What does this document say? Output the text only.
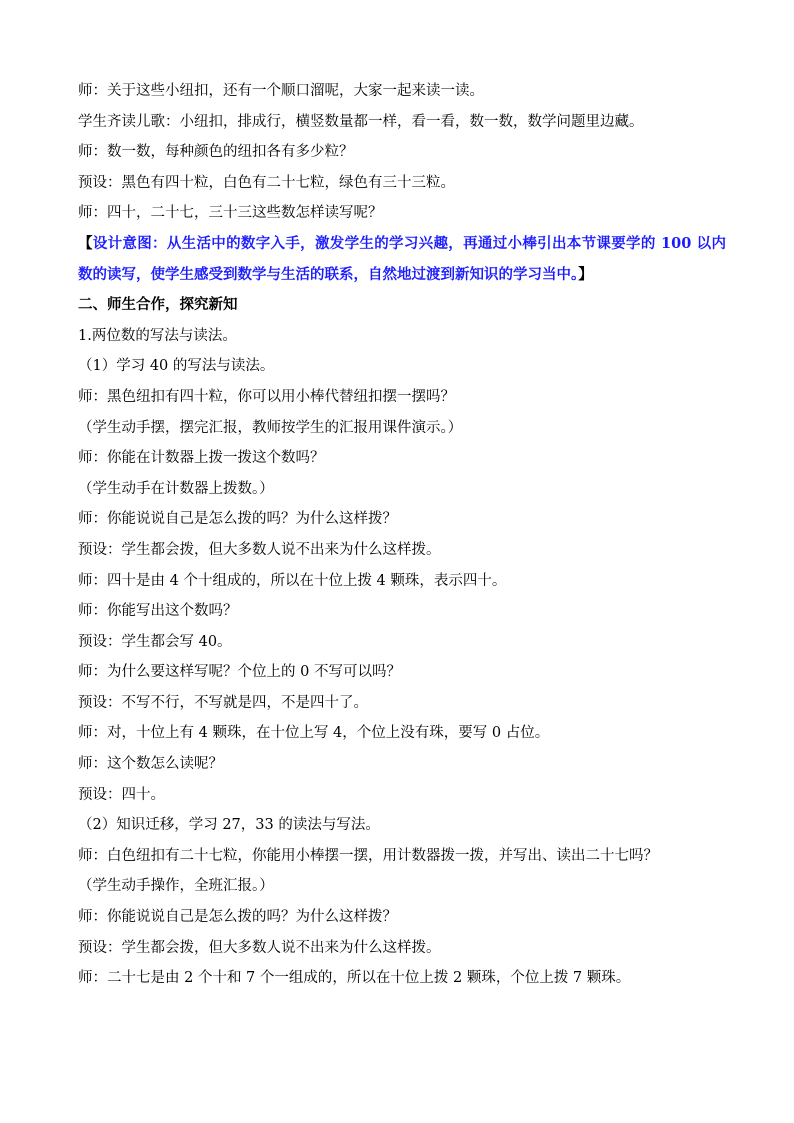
师：关于这些小纽扣，还有一个顺口溜呢，大家一起来读一读。
学生齐读儿歌：小纽扣，排成行，横竖数量都一样，看一看，数一数，数学问题里边藏。
师：数一数，每种颜色的纽扣各有多少粒？
预设：黑色有四十粒，白色有二十七粒，绿色有三十三粒。
师：四十，二十七，三十三这些数怎样读写呢？
【设计意图：从生活中的数字入手，激发学生的学习兴趣，再通过小棒引出本节课要学的 100 以内数的读写，使学生感受到数学与生活的联系，自然地过渡到新知识的学习当中。】
二、师生合作，探究新知
1.两位数的写法与读法。
（1）学习 40 的写法与读法。
师：黑色纽扣有四十粒，你可以用小棒代替纽扣摆一摆吗？
（学生动手摆，摆完汇报，教师按学生的汇报用课件演示。）
师：你能在计数器上拨一拨这个数吗？
（学生动手在计数器上拨数。）
师：你能说说自己是怎么拨的吗？为什么这样拨？
预设：学生都会拨，但大多数人说不出来为什么这样拨。
师：四十是由 4 个十组成的，所以在十位上拨 4 颗珠，表示四十。
师：你能写出这个数吗？
预设：学生都会写 40。
师：为什么要这样写呢？个位上的 0 不写可以吗？
预设：不写不行，不写就是四，不是四十了。
师：对，十位上有 4 颗珠，在十位上写 4，个位上没有珠，要写 0 占位。
师：这个数怎么读呢？
预设：四十。
（2）知识迁移，学习 27，33 的读法与写法。
师：白色纽扣有二十七粒，你能用小棒摆一摆，用计数器拨一拨，并写出、读出二十七吗？
（学生动手操作，全班汇报。）
师：你能说说自己是怎么拨的吗？为什么这样拨？
预设：学生都会拨，但大多数人说不出来为什么这样拨。
师：二十七是由 2 个十和 7 个一组成的，所以在十位上拨 2 颗珠，个位上拨 7 颗珠。
